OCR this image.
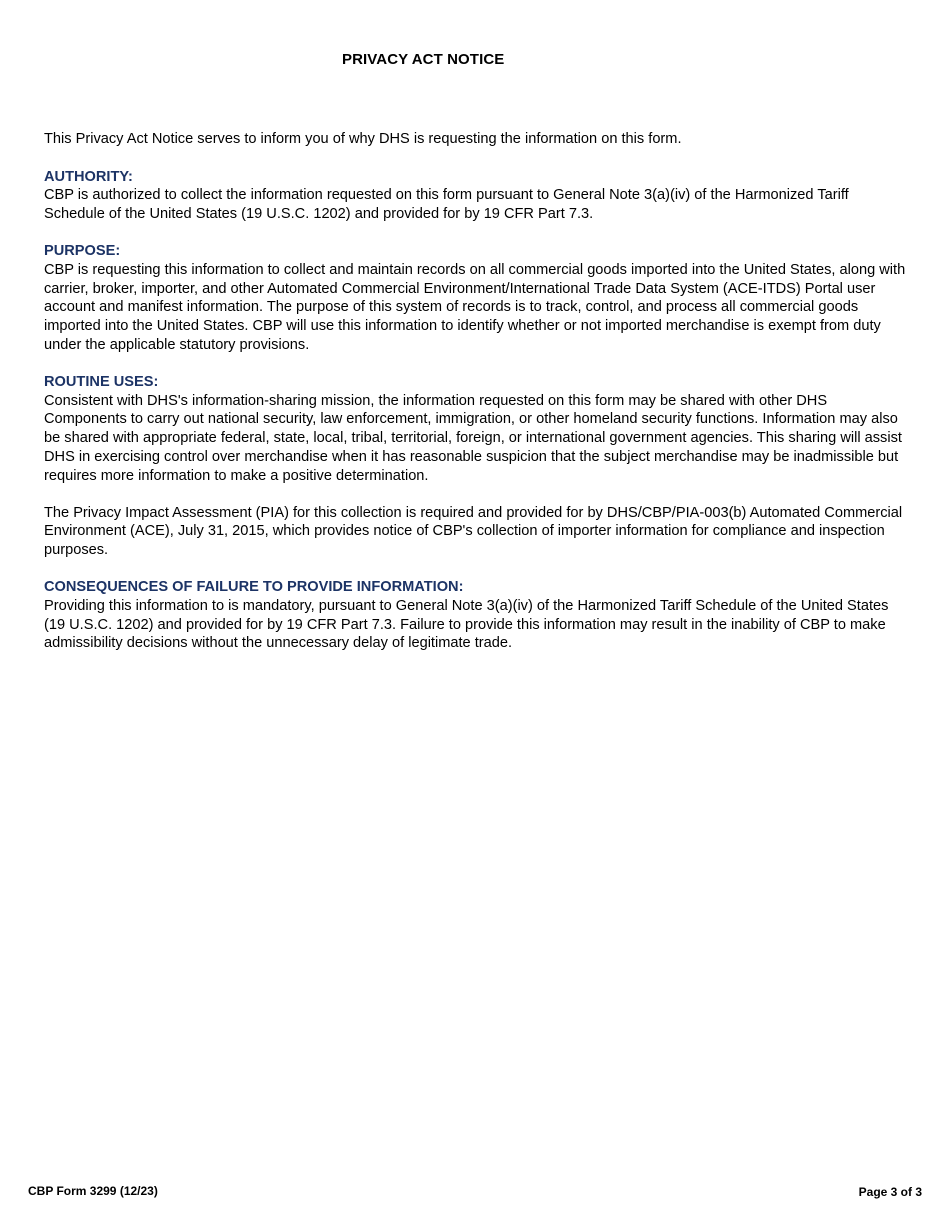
PRIVACY ACT NOTICE

This Privacy Act Notice serves to inform you of why DHS is requesting the information on this form.

AUTHORITY:

CBP is authorized to collect the information requested on this form pursuant to General Note 3(a)(iv) of the Harmonized Tariff Schedule of the United States (19 U.S.C. 1202) and provided for by 19 CFR Part 7.3.

PURPOSE:

CBP is requesting this information to collect and maintain records on all commercial goods imported into the United States, along with carrier, broker, importer, and other Automated Commercial Environment/International Trade Data System (ACE-ITDS) Portal user account and manifest information. The purpose of this system of records is to track, control, and process all commercial goods imported into the United States. CBP will use this information to identify whether or not imported merchandise is exempt from duty under the applicable statutory provisions.

ROUTINE USES:

Consistent with DHS's information-sharing mission, the information requested on this form may be shared with other DHS Components to carry out national security, law enforcement, immigration, or other homeland security functions. Information may also be shared with appropriate federal, state, local, tribal, territorial, foreign, or international government agencies. This sharing will assist DHS in exercising control over merchandise when it has reasonable suspicion that the subject merchandise may be inadmissible but requires more information to make a positive determination.

The Privacy Impact Assessment (PIA) for this collection is required and provided for by DHS/CBP/PIA-003(b) Automated Commercial Environment (ACE), July 31, 2015, which provides notice of CBP's collection of importer information for compliance and inspection purposes.

CONSEQUENCES OF FAILURE TO PROVIDE INFORMATION:

Providing this information to is mandatory, pursuant to General Note 3(a)(iv) of the Harmonized Tariff Schedule of the United States (19 U.S.C. 1202) and provided for by 19 CFR Part 7.3. Failure to provide this information may result in the inability of CBP to make admissibility decisions without the unnecessary delay of legitimate trade.

CBP Form 3299 (12/23)	Page 3 of 3
